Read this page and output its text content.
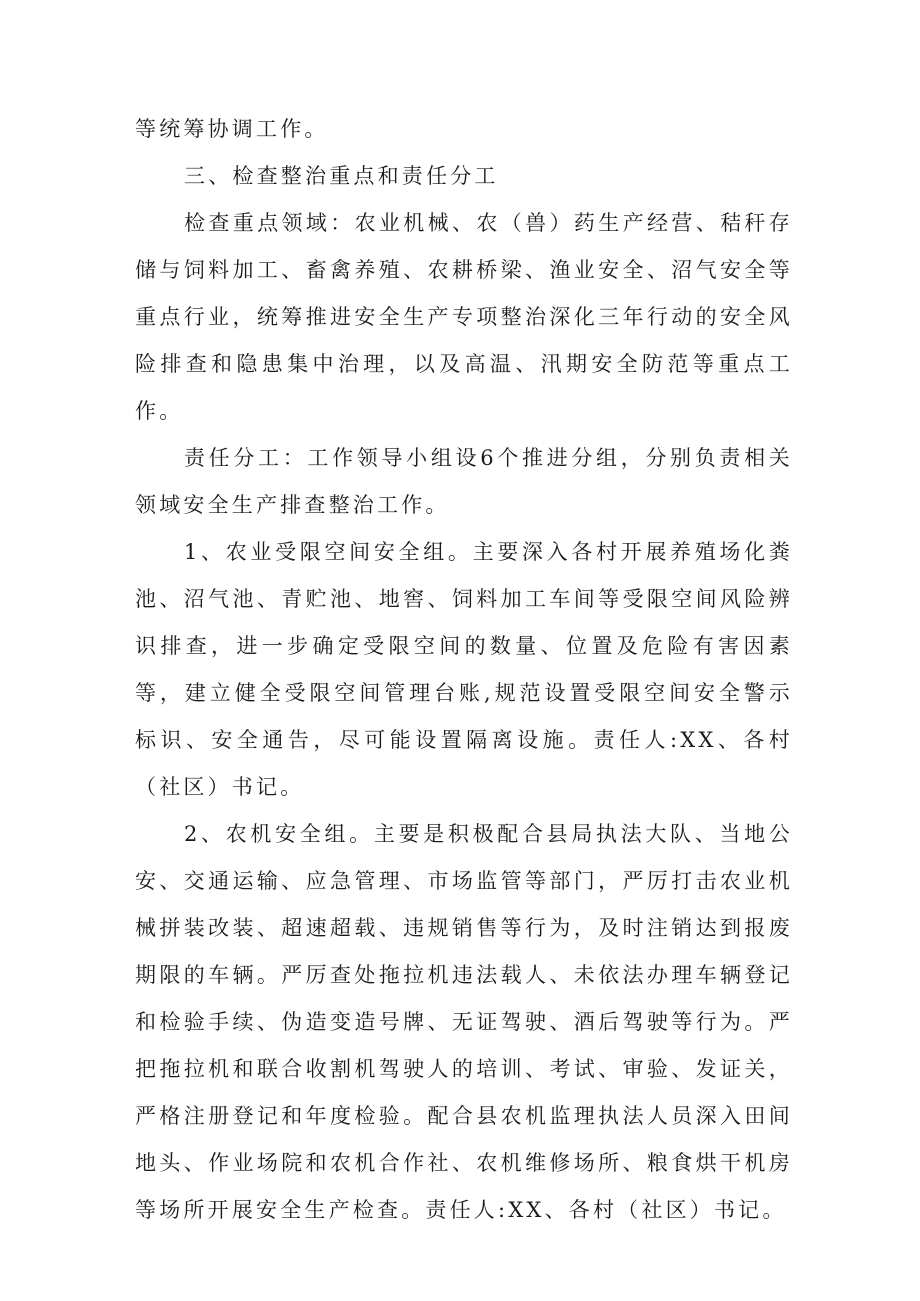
等统筹协调工作。

三、检查整治重点和责任分工

检查重点领域：农业机械、农（兽）药生产经营、秸秆存储与饲料加工、畜禽养殖、农耕桥梁、渔业安全、沼气安全等重点行业，统筹推进安全生产专项整治深化三年行动的安全风险排查和隐患集中治理，以及高温、汛期安全防范等重点工作。

责任分工：工作领导小组设6个推进分组，分别负责相关领域安全生产排查整治工作。

1、农业受限空间安全组。主要深入各村开展养殖场化粪池、沼气池、青贮池、地窖、饲料加工车间等受限空间风险辨识排查，进一步确定受限空间的数量、位置及危险有害因素等，建立健全受限空间管理台账,规范设置受限空间安全警示标识、安全通告，尽可能设置隔离设施。责任人:XX、各村（社区）书记。

2、农机安全组。主要是积极配合县局执法大队、当地公安、交通运输、应急管理、市场监管等部门，严厉打击农业机械拼装改装、超速超载、违规销售等行为，及时注销达到报废期限的车辆。严厉查处拖拉机违法载人、未依法办理车辆登记和检验手续、伪造变造号牌、无证驾驶、酒后驾驶等行为。严把拖拉机和联合收割机驾驶人的培训、考试、审验、发证关，严格注册登记和年度检验。配合县农机监理执法人员深入田间地头、作业场院和农机合作社、农机维修场所、粮食烘干机房等场所开展安全生产检查。责任人:XX、各村（社区）书记。
